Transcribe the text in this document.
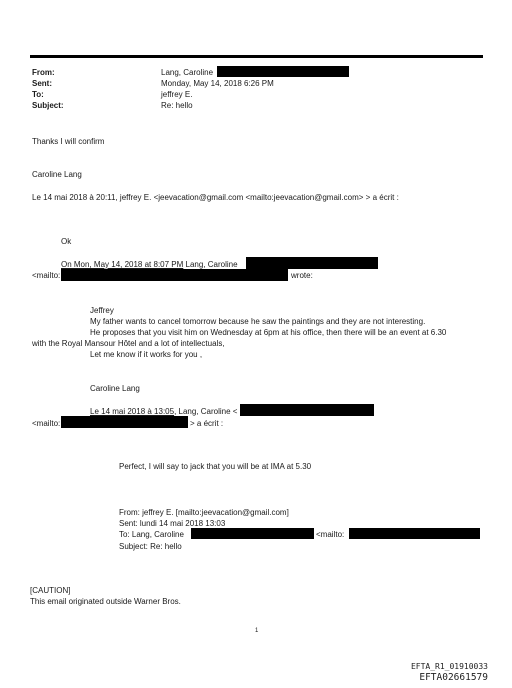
From:	Lang, Caroline
Sent:	Monday, May 14, 2018 6:26 PM
To:	jeffrey E.
Subject:	Re: hello
Thanks I will confirm
Caroline Lang
Le 14 mai 2018 à 20:11, jeffrey E. <jeevacation@gmail.com <mailto:jeevacation@gmail.com> > a écrit :
Ok
On Mon, May 14, 2018 at 8:07 PM Lang, Caroline
<mailto:	wrote:
Jeffrey
My father wants to cancel tomorrow because he saw the paintings and they are not interesting.
He proposes that you visit him on Wednesday at 6pm at his office, then there will be an event at 6.30
with the Royal Mansour Hôtel and a lot of intellectuals,
Let me know if it works for you ,
Caroline Lang
Le 14 mai 2018 à 13:05, Lang, Caroline <
<mailto:	> a écrit :
Perfect, I will say to jack that you will be at IMA at 5.30
From: jeffrey E. [mailto:jeevacation@gmail.com]
Sent: lundi 14 mai 2018 13:03
To: Lang, Caroline	<mailto:
Subject: Re: hello
[CAUTION]
This email originated outside Warner Bros.
1
EFTA_R1_01910033
EFTA02661579
